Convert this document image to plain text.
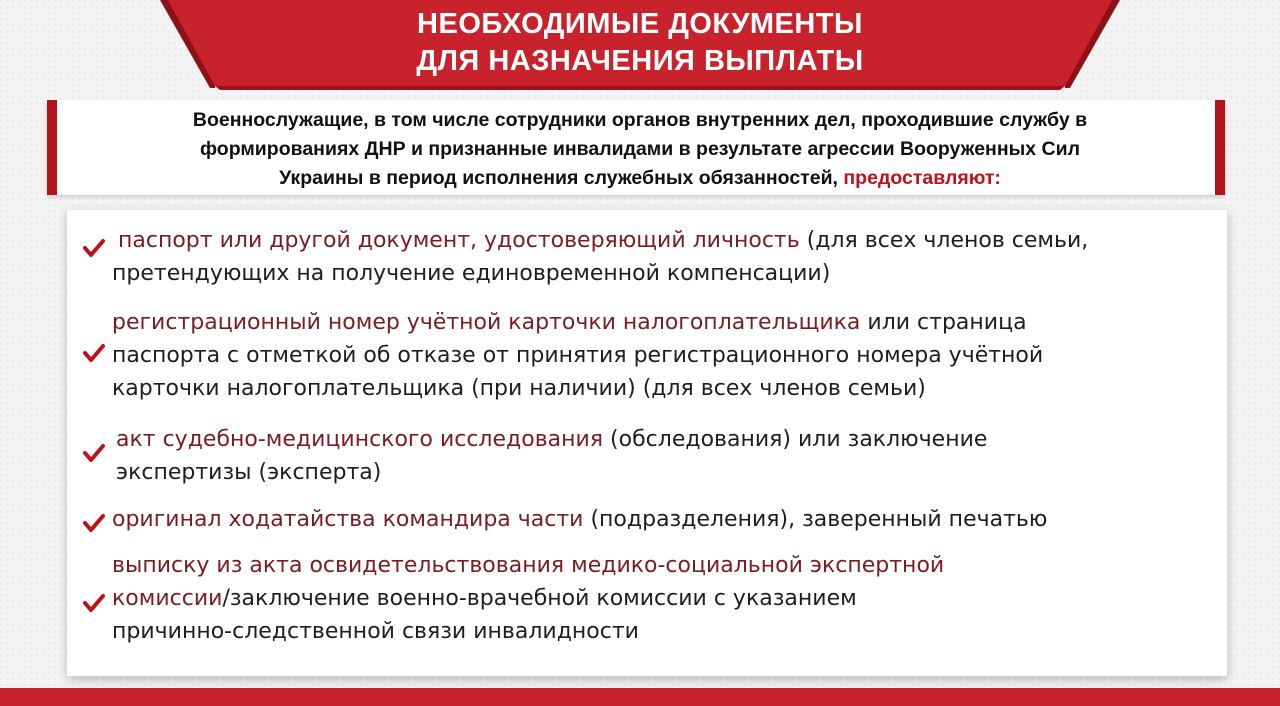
НЕОБХОДИМЫЕ ДОКУМЕНТЫ
ДЛЯ НАЗНАЧЕНИЯ ВЫПЛАТЫ
Военнослужащие, в том числе сотрудники органов внутренних дел, проходившие службу в
формированиях ДНР и признанные инвалидами в результате агрессии Вооруженных Сил
Украины в период исполнения служебных обязанностей, предоставляют:
паспорт или другой документ, удостоверяющий личность (для всех членов семьи,
претендующих на получение единовременной компенсации)
регистрационный номер учётной карточки налогоплательщика или страница
паспорта с отметкой об отказе от принятия регистрационного номера учётной
карточки налогоплательщика (при наличии) (для всех членов семьи)
акт судебно-медицинского исследования (обследования) или заключение
экспертизы (эксперта)
оригинал ходатайства командира части (подразделения), заверенный печатью
выписку из акта освидетельствования медико-социальной экспертной
комиссии/заключение военно-врачебной комиссии с указанием
причинно-следственной связи инвалидности
